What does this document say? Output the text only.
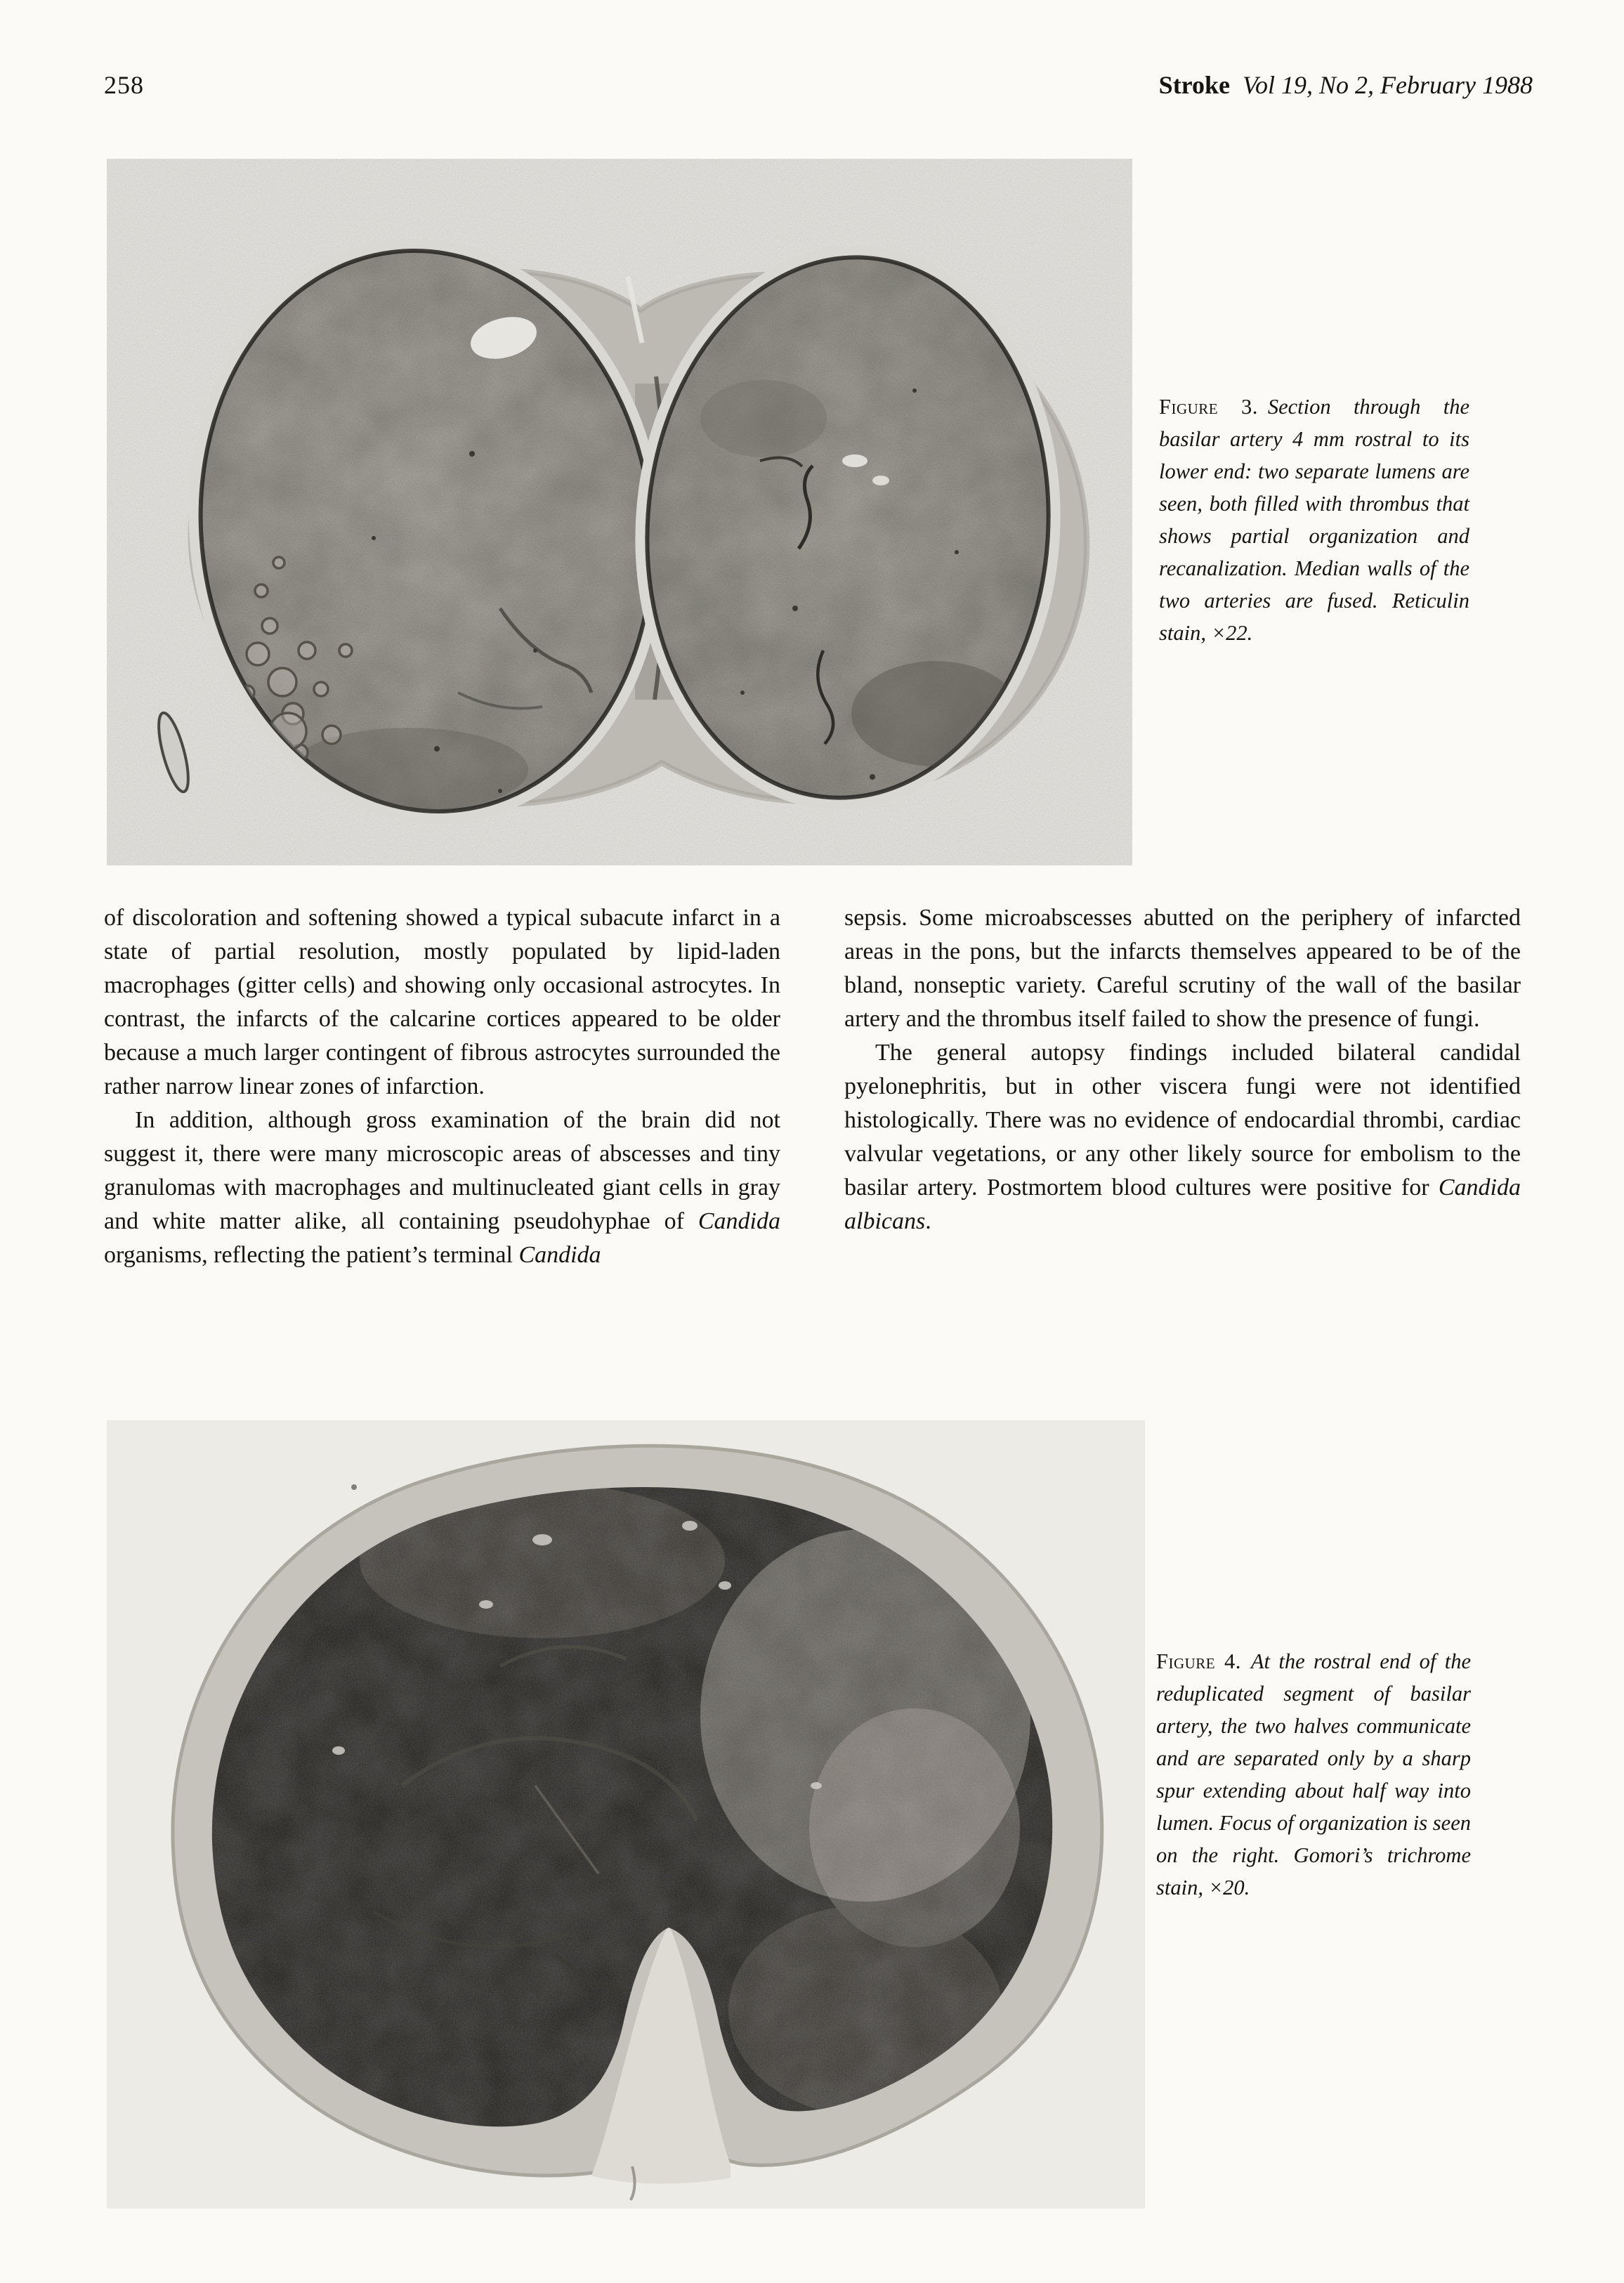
258	Stroke Vol 19, No 2, February 1988
Figure 3. Section through the basilar artery 4 mm rostral to its lower end: two separate lumens are seen, both filled with thrombus that shows partial organization and recanalization. Median walls of the two arteries are fused. Reticulin stain, ×22.

of discoloration and softening showed a typical subacute infarct in a state of partial resolution, mostly populated by lipid-laden macrophages (gitter cells) and showing only occasional astrocytes. In contrast, the infarcts of the calcarine cortices appeared to be older because a much larger contingent of fibrous astrocytes surrounded the rather narrow linear zones of infarction.

In addition, although gross examination of the brain did not suggest it, there were many microscopic areas of abscesses and tiny granulomas with macrophages and multinucleated giant cells in gray and white matter alike, all containing pseudohyphae of Candida organisms, reflecting the patient’s terminal Candida

sepsis. Some microabscesses abutted on the periphery of infarcted areas in the pons, but the infarcts themselves appeared to be of the bland, nonseptic variety. Careful scrutiny of the wall of the basilar artery and the thrombus itself failed to show the presence of fungi.

The general autopsy findings included bilateral candidal pyelonephritis, but in other viscera fungi were not identified histologically. There was no evidence of endocardial thrombi, cardiac valvular vegetations, or any other likely source for embolism to the basilar artery. Postmortem blood cultures were positive for Candida albicans.

Figure 4. At the rostral end of the reduplicated segment of basilar artery, the two halves communicate and are separated only by a sharp spur extending about half way into lumen. Focus of organization is seen on the right. Gomori’s trichrome stain, ×20.
